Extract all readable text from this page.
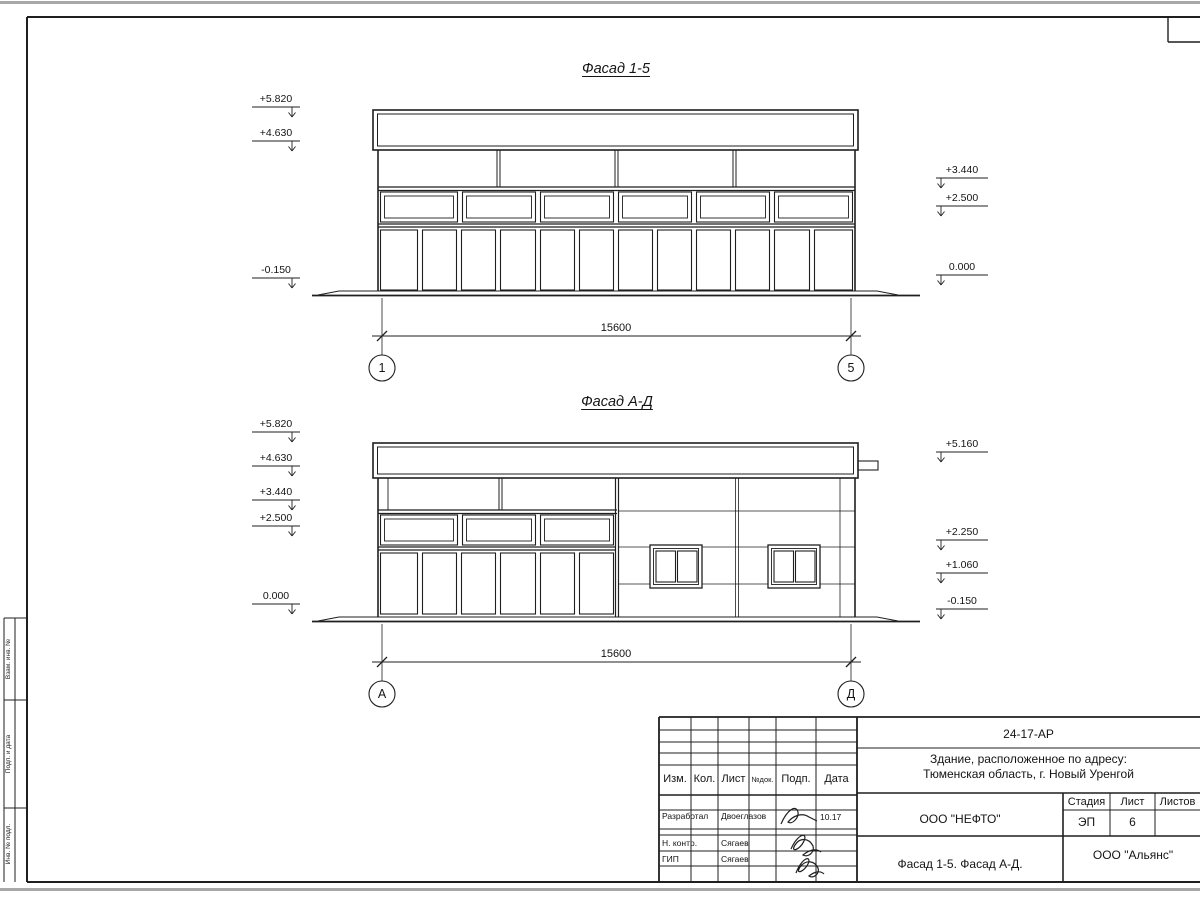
Фасад 1-5
Фасад А-Д
+5.820
+4.630
-0.150
+3.440
+2.500
0.000
+5.820
+4.630
+3.440
+2.500
0.000
+5.160
+2.250
+1.060
-0.150
15600
15600
1	5
А	Д
Взам. инв. №
Подп. и дата
Инв. № подл.
Изм. Кол. Лист №док. Подп.	Дата
Разработал Двоеглазов	10.17
Н. контр.	Сягаев
ГИП	Сягаев
24-17-АР
Здание, расположенное по адресу:
Тюменская область, г. Новый Уренгой
ООО "НЕФТО"
Стадия	Лист	Листов
ЭП	6
Фасад 1-5. Фасад А-Д.
ООО "Альянс"
